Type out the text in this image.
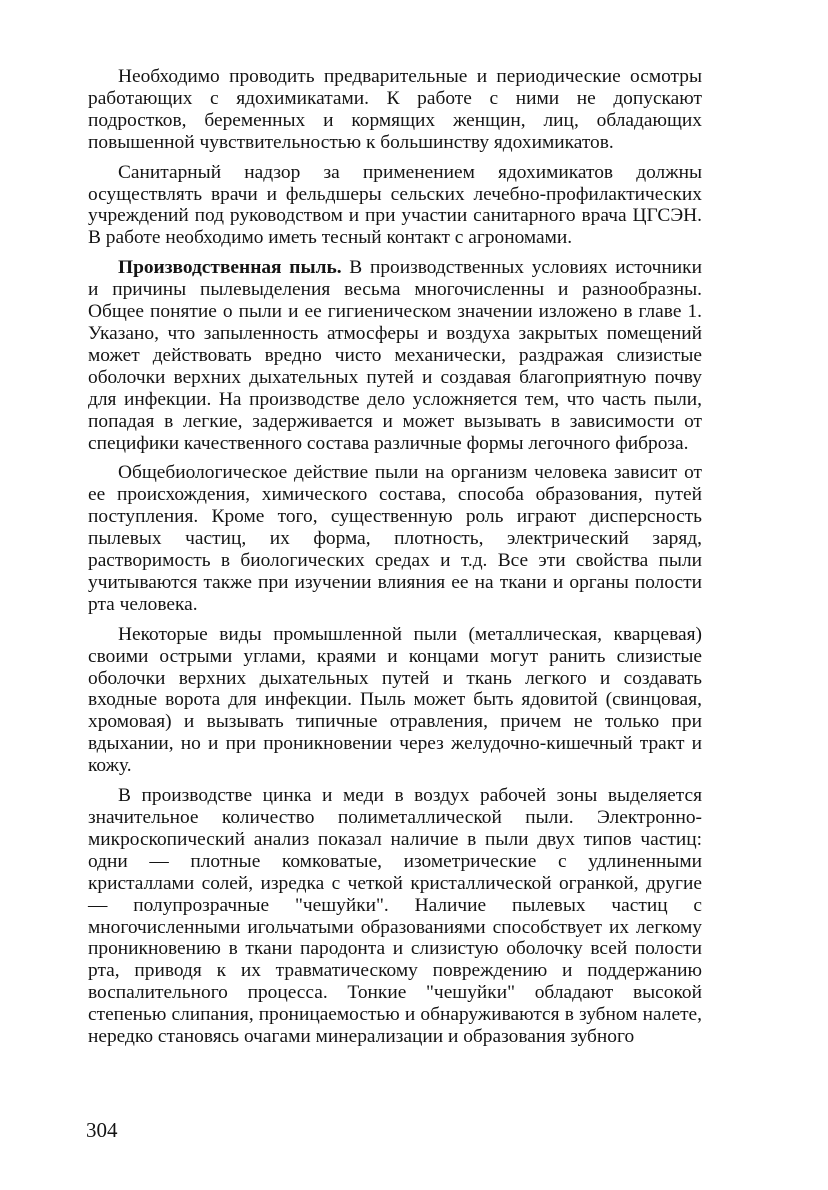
Необходимо проводить предварительные и периодические осмотры работающих с ядохимикатами. К работе с ними не допускают подростков, беременных и кормящих женщин, лиц, обладающих повышенной чувствительностью к большинству ядохимикатов.

Санитарный надзор за применением ядохимикатов должны осуществлять врачи и фельдшеры сельских лечебно-профилактических учреждений под руководством и при участии санитарного врача ЦГСЭН. В работе необходимо иметь тесный контакт с агрономами.

Производственная пыль. В производственных условиях источники и причины пылевыделения весьма многочисленны и разнообразны. Общее понятие о пыли и ее гигиеническом значении изложено в главе 1. Указано, что запыленность атмосферы и воздуха закрытых помещений может действовать вредно чисто механически, раздражая слизистые оболочки верхних дыхательных путей и создавая благоприятную почву для инфекции. На производстве дело усложняется тем, что часть пыли, попадая в легкие, задерживается и может вызывать в зависимости от специфики качественного состава различные формы легочного фиброза.

Общебиологическое действие пыли на организм человека зависит от ее происхождения, химического состава, способа образования, путей поступления. Кроме того, существенную роль играют дисперсность пылевых частиц, их форма, плотность, электрический заряд, растворимость в биологических средах и т.д. Все эти свойства пыли учитываются также при изучении влияния ее на ткани и органы полости рта человека.

Некоторые виды промышленной пыли (металлическая, кварцевая) своими острыми углами, краями и концами могут ранить слизистые оболочки верхних дыхательных путей и ткань легкого и создавать входные ворота для инфекции. Пыль может быть ядовитой (свинцовая, хромовая) и вызывать типичные отравления, причем не только при вдыхании, но и при проникновении через желудочно-кишечный тракт и кожу.

В производстве цинка и меди в воздух рабочей зоны выделяется значительное количество полиметаллической пыли. Электронно-микроскопический анализ показал наличие в пыли двух типов частиц: одни — плотные комковатые, изометрические с удлиненными кристаллами солей, изредка с четкой кристаллической огранкой, другие — полупрозрачные "чешуйки". Наличие пылевых частиц с многочисленными игольчатыми образованиями способствует их легкому проникновению в ткани пародонта и слизистую оболочку всей полости рта, приводя к их травматическому повреждению и поддержанию воспалительного процесса. Тонкие "чешуйки" обладают высокой степенью слипания, проницаемостью и обнаруживаются в зубном налете, нередко становясь очагами минерализации и образования зубного

304
